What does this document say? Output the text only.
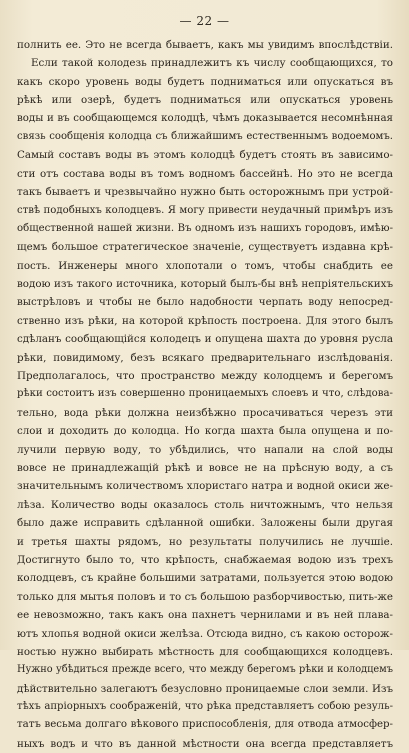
— 22 —
полнить ее. Это не всегда бываетъ, какъ мы увидимъ впослѣдствіи.
Если такой колодезь принадлежитъ къ числу сообщающихся, то
какъ скоро уровень воды будетъ подниматься или опускаться въ
рѣкѣ или озерѣ, будетъ подниматься или опускаться уровень
воды и въ сообщающемся колодцѣ, чѣмъ доказывается несомнѣнная
связь сообщенія колодца съ ближайшимъ естественнымъ водоемомъ.
Самый составъ воды въ этомъ колодцѣ будетъ стоять въ зависимо-
сти отъ состава воды въ томъ водномъ бассейнѣ. Но это не всегда
такъ бываетъ и чрезвычайно нужно быть осторожнымъ при устрой-
ствѣ подобныхъ колодцевъ. Я могу привести неудачный примѣръ изъ
общественной нашей жизни. Въ одномъ изъ нашихъ городовъ, имѣю-
щемъ большое стратегическое значеніе, существуетъ издавна крѣ-
пость. Инженеры много хлопотали о томъ, чтобы снабдить ее
водою изъ такого источника, который былъ-бы внѣ непріятельскихъ
выстрѣловъ и чтобы не было надобности черпать воду непосред-
ственно изъ рѣки, на которой крѣпость построена. Для этого былъ
сдѣланъ сообщающійся колодецъ и опущена шахта до уровня русла
рѣки, повидимому, безъ всякаго предварительнаго изслѣдованія.
Предполагалось, что пространство между колодцемъ и берегомъ
рѣки состоитъ изъ совершенно проницаемыхъ слоевъ и что, слѣдова-
тельно, вода рѣки должна неизбѣжно просачиваться черезъ эти
слои и доходить до колодца. Но когда шахта была опущена и по-
лучили первую воду, то убѣдились, что напали на слой воды
вовсе не принадлежащій рѣкѣ и вовсе не на прѣсную воду, а съ
значительнымъ количествомъ хлористаго натра и водной окиси же-
лѣза. Количество воды оказалось столь ничтожнымъ, что нельзя
было даже исправить сдѣланной ошибки. Заложены были другая
и третья шахты рядомъ, но результаты получились не лучшіе.
Достигнуто было то, что крѣпость, снабжаемая водою изъ трехъ
колодцевъ, съ крайне большими затратами, пользуется этою водою
только для мытья половъ и то съ большою разборчивостью, пить-же
ее невозможно, такъ какъ она пахнетъ чернилами и въ ней плава-
ютъ хлопья водной окиси желѣза. Отсюда видно, съ какою осторож-
ностью нужно выбирать мѣстность для сообщающихся колодцевъ.
Нужно убѣдиться прежде всего, что между берегомъ рѣки и колодцемъ
дѣйствительно залегаютъ безусловно проницаемые слои земли. Изъ
тѣхъ апріорныхъ соображеній, что рѣка представляетъ собою резуль-
татъ весьма долгаго вѣкового приспособленія, для отвода атмосфер-
ныхъ водъ и что въ данной мѣстности она всегда представляетъ
